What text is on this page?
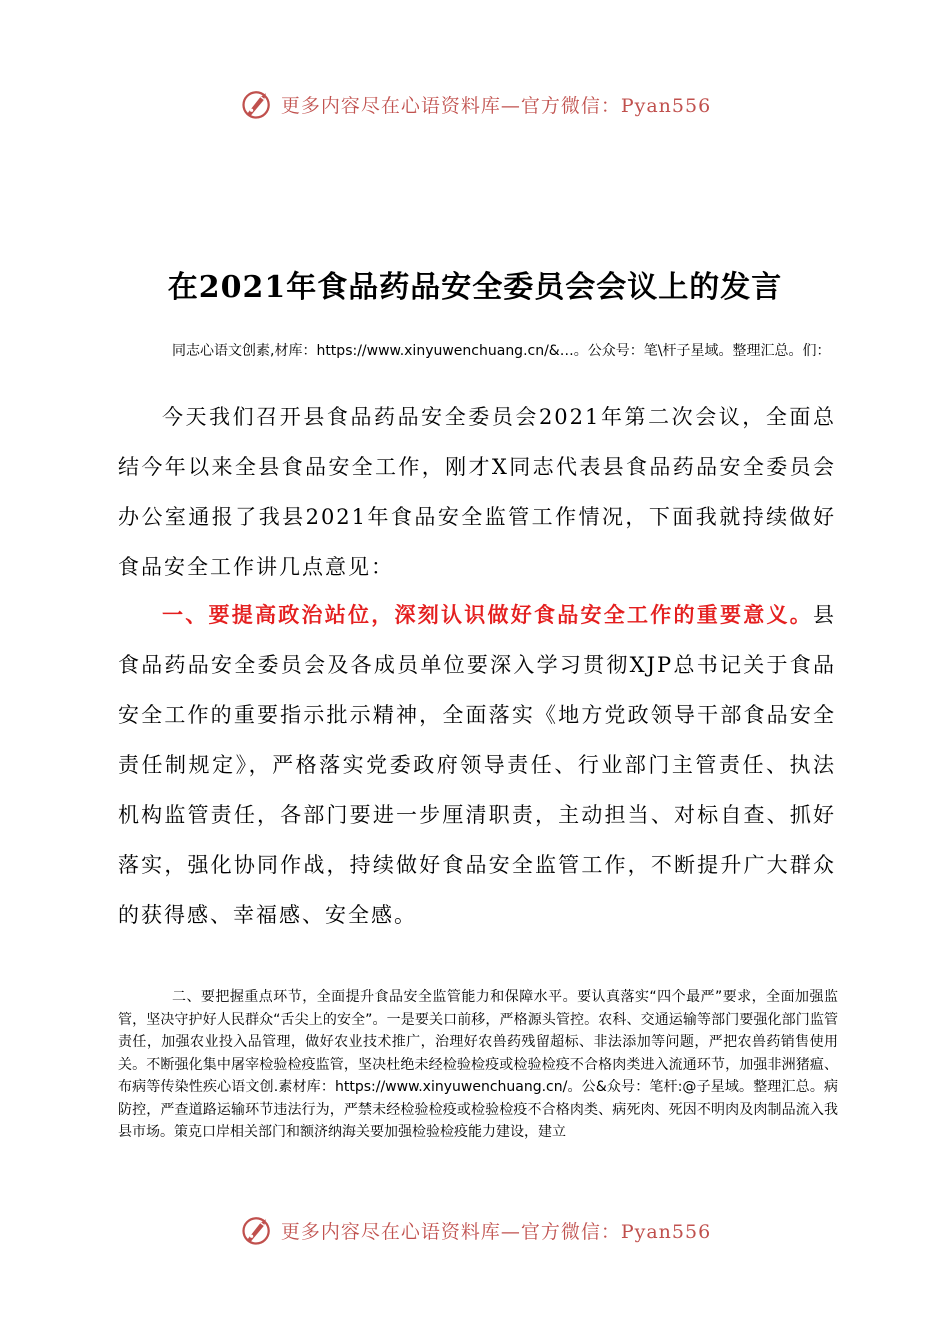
更多内容尽在心语资料库—官方微信：Pyan556
在2021年食品药品安全委员会会议上的发言
同志心语文创素,材库：https://www.xinyuwenchuang.cn/&…。公众号：笔\杆子星域。整理汇总。们：
今天我们召开县食品药品安全委员会2021年第二次会议，全面总结今年以来全县食品安全工作，刚才X同志代表县食品药品安全委员会办公室通报了我县2021年食品安全监管工作情况，下面我就持续做好食品安全工作讲几点意见：
一、要提高政治站位，深刻认识做好食品安全工作的重要意义。县食品药品安全委员会及各成员单位要深入学习贯彻XJP总书记关于食品安全工作的重要指示批示精神，全面落实《地方党政领导干部食品安全责任制规定》，严格落实党委政府领导责任、行业部门主管责任、执法机构监管责任，各部门要进一步厘清职责，主动担当、对标自查、抓好落实，强化协同作战，持续做好食品安全监管工作，不断提升广大群众的获得感、幸福感、安全感。
二、要把握重点环节，全面提升食品安全监管能力和保障水平。要认真落实“四个最严”要求，全面加强监管，坚决守护好人民群众“舌尖上的安全”。一是要关口前移，严格源头管控。农科、交通运输等部门要强化部门监管责任，加强农业投入品管理，做好农业技术推广，治理好农兽药残留超标、非法添加等问题，严把农兽药销售使用关。不断强化集中屠宰检验检疫监管，坚决杜绝未经检验检疫或检验检疫不合格肉类进入流通环节，加强非洲猪瘟、布病等传染性疾心语文创.素材库：https://www.xinyuwenchuang.cn/。公&众号：笔杆:@子星域。整理汇总。病防控，严查道路运输环节违法行为，严禁未经检验检疫或检验检疫不合格肉类、病死肉、死因不明肉及肉制品流入我县市场。策克口岸相关部门和额济纳海关要加强检验检疫能力建设，建立
更多内容尽在心语资料库—官方微信：Pyan556
